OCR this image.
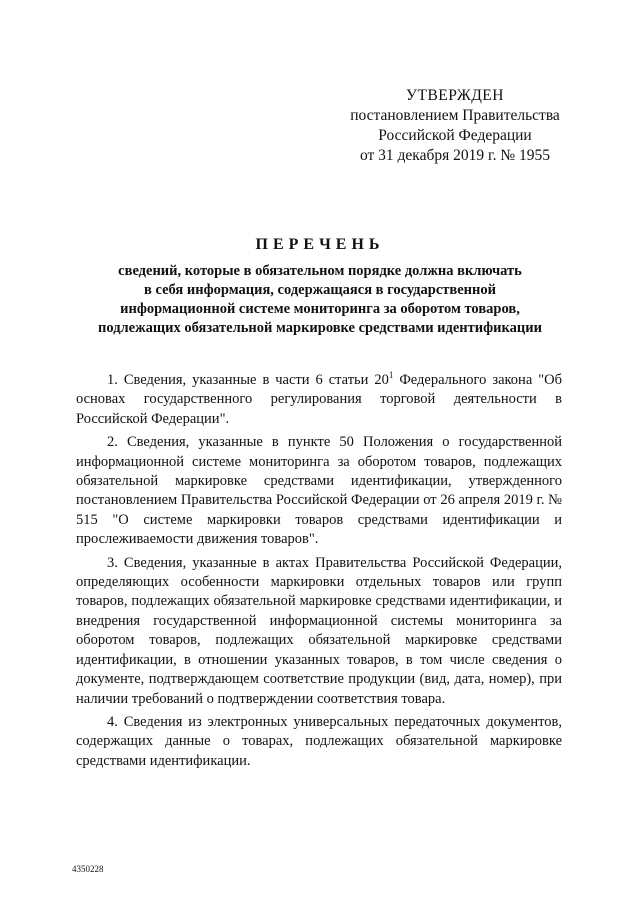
УТВЕРЖДЕН
постановлением Правительства
Российской Федерации
от 31 декабря 2019 г. № 1955
ПЕРЕЧЕНЬ
сведений, которые в обязательном порядке должна включать
в себя информация, содержащаяся в государственной
информационной системе мониторинга за оборотом товаров,
подлежащих обязательной маркировке средствами идентификации

1. Сведения, указанные в части 6 статьи $20^1$ Федерального закона "Об основах государственного регулирования торговой деятельности в Российской Федерации".

2. Сведения, указанные в пункте 50 Положения о государственной информационной системе мониторинга за оборотом товаров, подлежащих обязательной маркировке средствами идентификации, утвержденного постановлением Правительства Российской Федерации от 26 апреля 2019 г. № 515 "О системе маркировки товаров средствами идентификации и прослеживаемости движения товаров".

3. Сведения, указанные в актах Правительства Российской Федерации, определяющих особенности маркировки отдельных товаров или групп товаров, подлежащих обязательной маркировке средствами идентификации, и внедрения государственной информационной системы мониторинга за оборотом товаров, подлежащих обязательной маркировке средствами идентификации, в отношении указанных товаров, в том числе сведения о документе, подтверждающем соответствие продукции (вид, дата, номер), при наличии требований о подтверждении соответствия товара.

4. Сведения из электронных универсальных передаточных документов, содержащих данные о товарах, подлежащих обязательной маркировке средствами идентификации.

4350228
